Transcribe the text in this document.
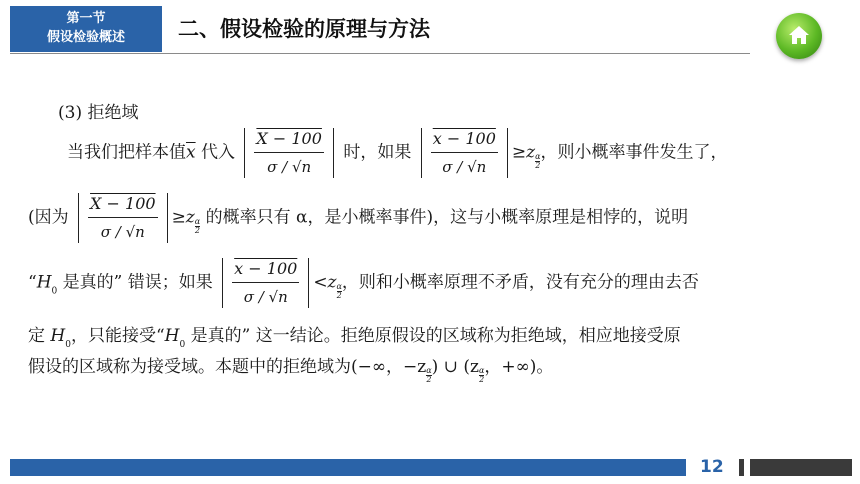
第一节
假设检验概述	二、假设检验的原理与方法
(3) 拒绝域
当我们把样本值$\overline{x}$ 代入 $\frac{X - 100}{\sigma / √n}$ 时，如果 $\frac{x - 100}{\sigma / √n} \ge z \frac{\alpha}{2}$ ，则小概率事件发生了，
(因为 $\frac{X - 100}{\sigma / √n} \ge z \frac{\alpha}{2}$ 的概率只有 α，是小概率事件)，这与小概率原理是相悖的，说明
“$H_0$ 是真的” 错误；如果 $\frac{x - 100}{\sigma / √n} <z \frac{\alpha}{2}$ ，则和小概率原理不矛盾，没有充分的理由去否
定 $H_0$，只能接受“$H_0$ 是真的” 这一结论。拒绝原假设的区域称为拒绝域，相应地接受原
假设的区域称为接受域。本题中的拒绝域为(−∞，$-z \frac{\alpha}{2}$ ) ∪ ($z \frac{\alpha}{2}$ ，+∞)。
12
